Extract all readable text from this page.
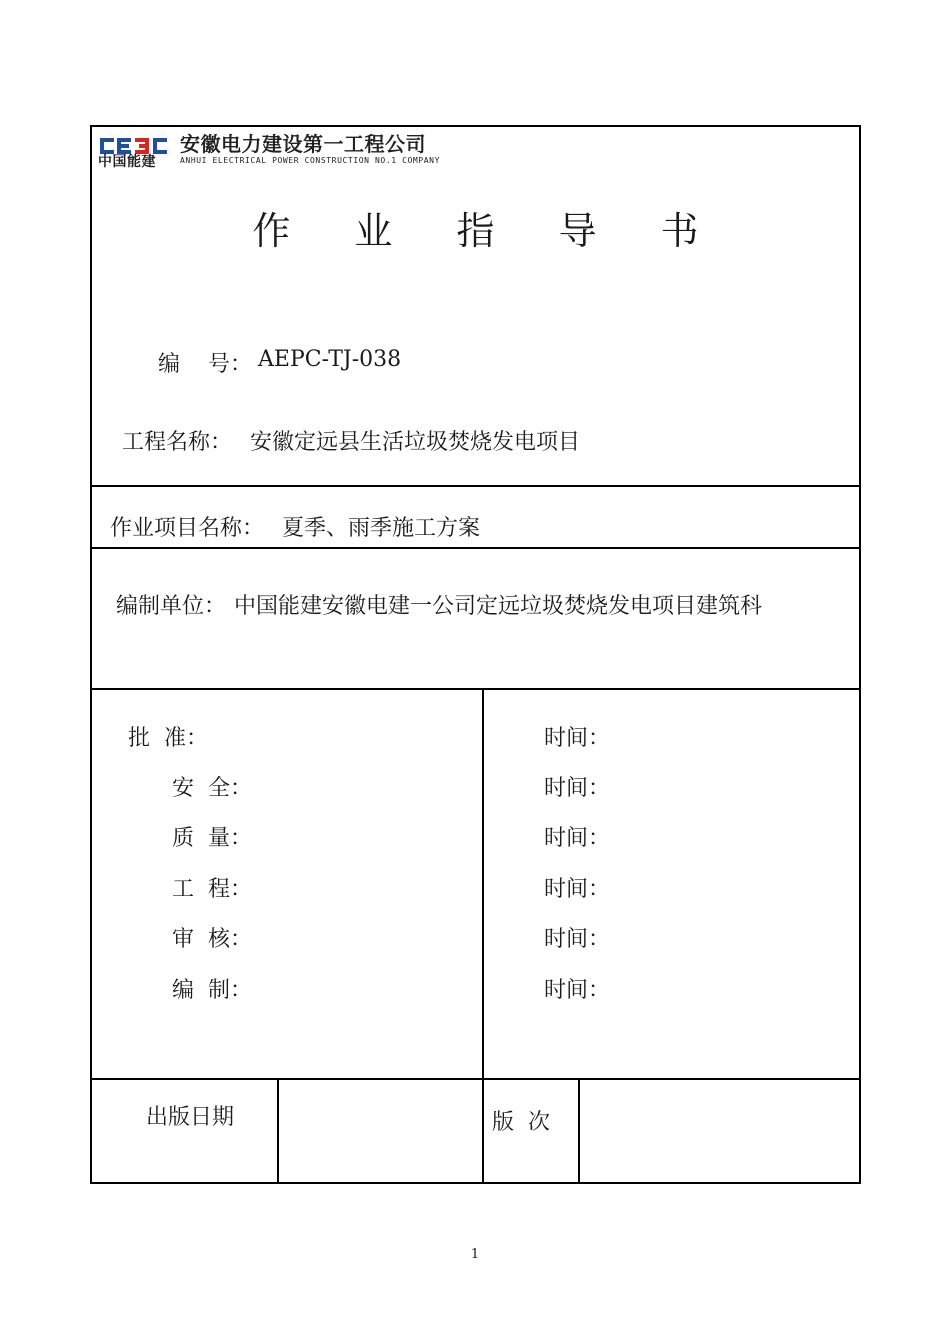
中国能建
安徽电力建设第一工程公司
ANHUI ELECTRICAL POWER CONSTRUCTION NO.1 COMPANY
作 业 指 导 书
编    号： AEPC-TJ-038
工程名称： 安徽定远县生活垃圾焚烧发电项目
作业项目名称： 夏季、雨季施工方案
编制单位： 中国能建安徽电建一公司定远垃圾焚烧发电项目建筑科
批  准：	时间：
安  全：	时间：
质  量：	时间：
工  程：	时间：
审  核：	时间：
编  制：	时间：
出版日期	版  次
1
